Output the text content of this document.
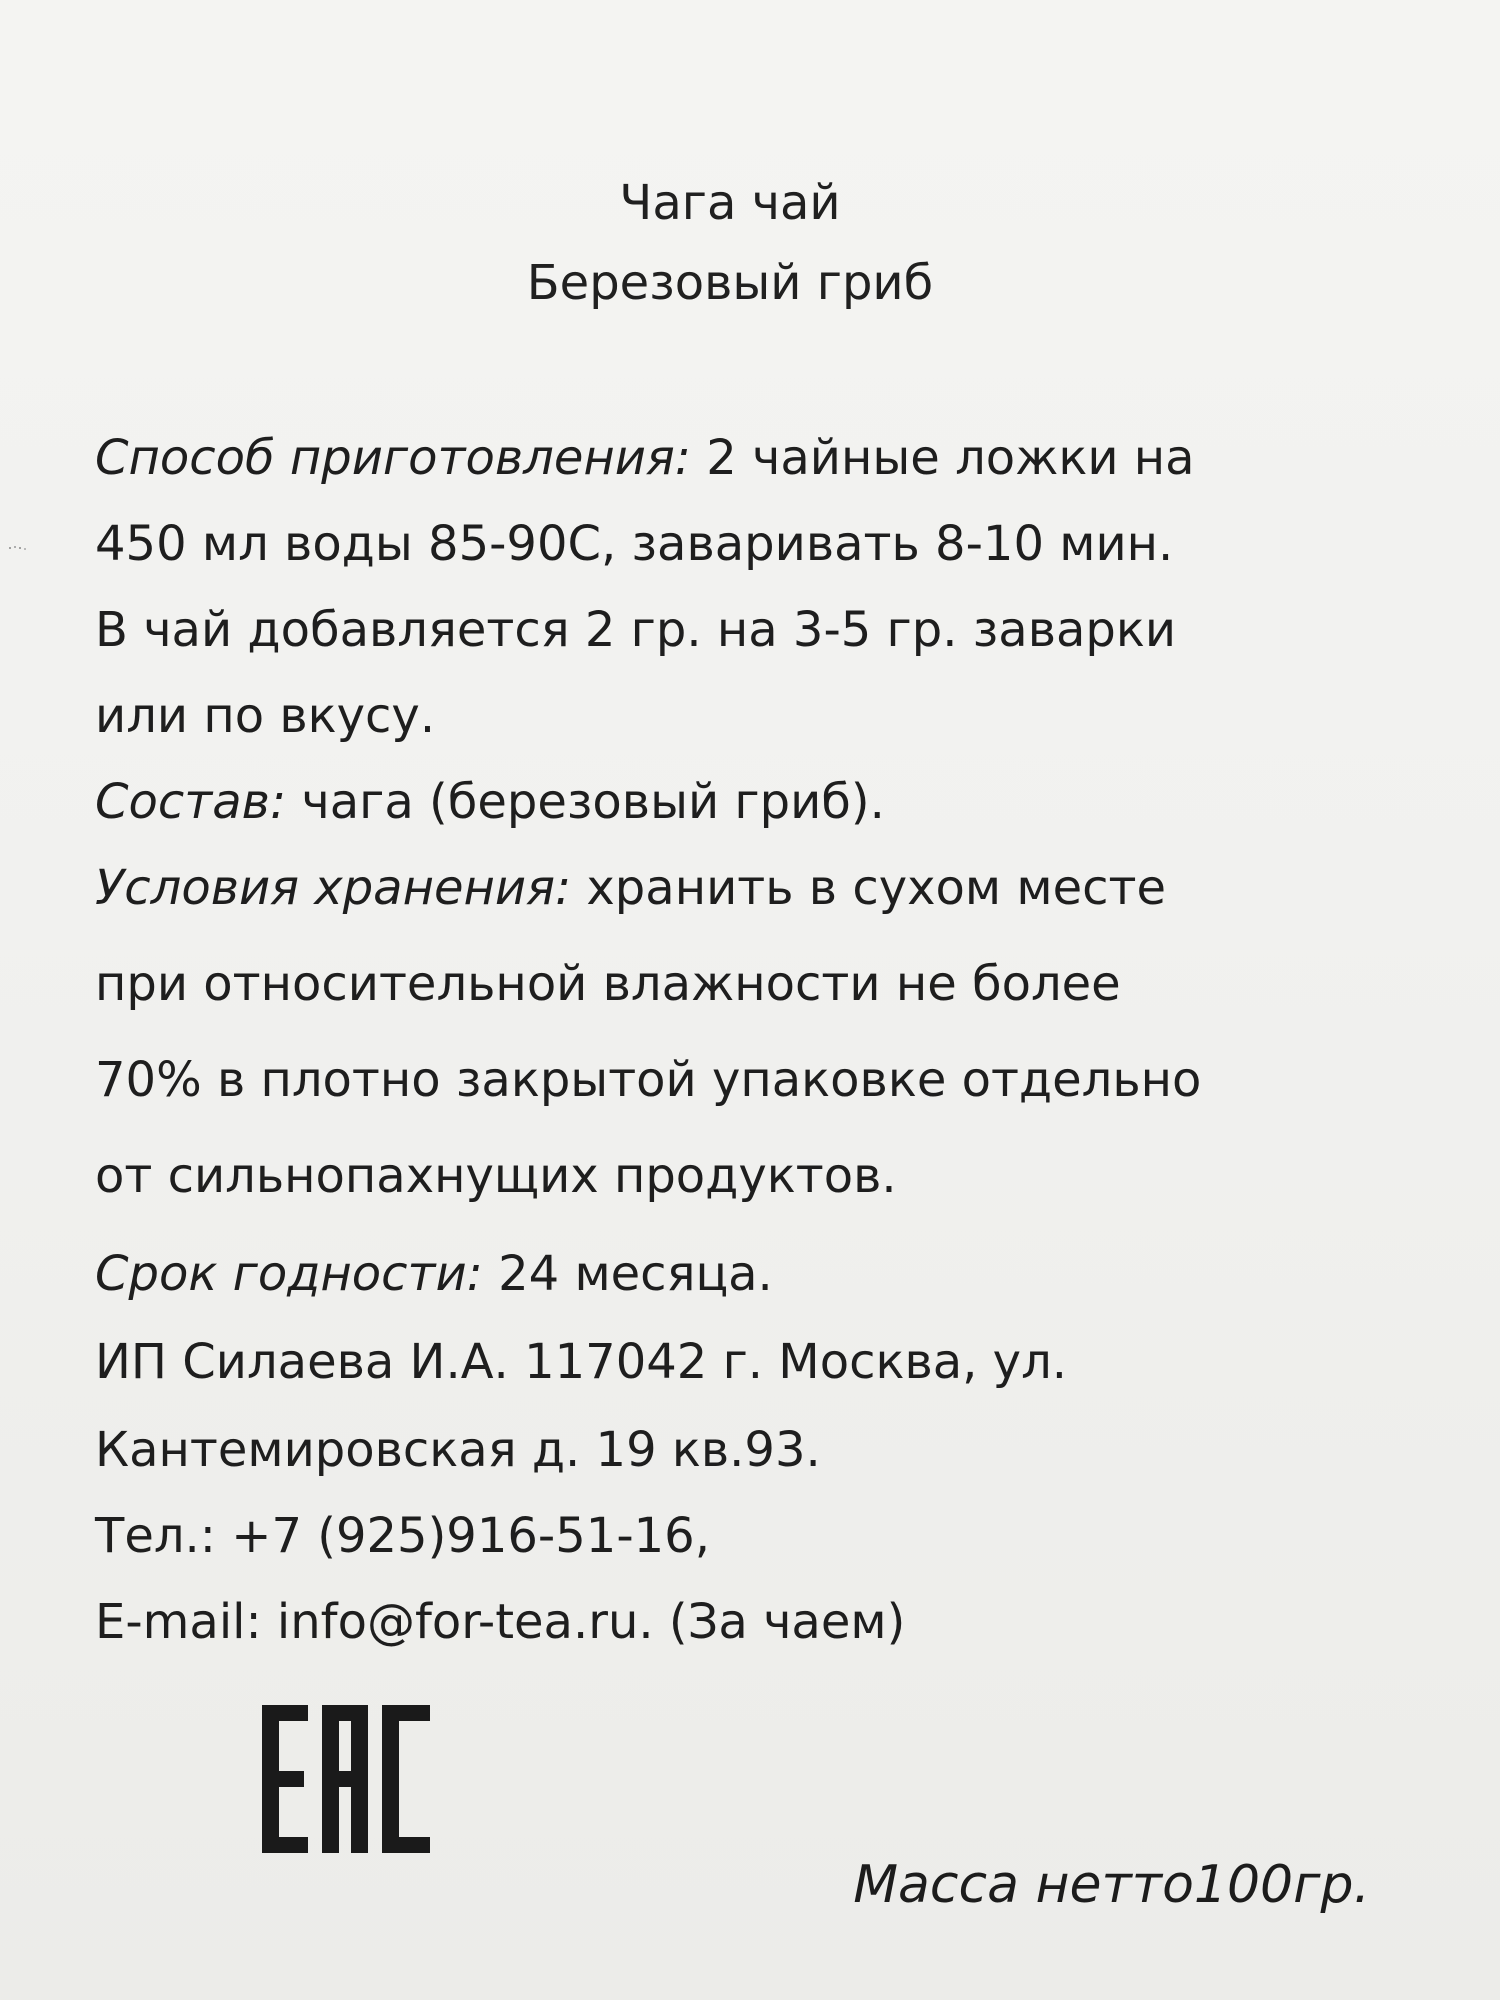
Чага чай
Березовый гриб
Способ приготовления: 2 чайные ложки на
450 мл воды 85-90С, заваривать 8-10 мин.
В чай добавляется 2 гр. на 3-5 гр. заварки
или по вкусу.
Состав: чага (березовый гриб).
Условия хранения: хранить в сухом месте
при относительной влажности не более
70% в плотно закрытой упаковке отдельно
от сильнопахнущих продуктов.
Срок годности: 24 месяца.
ИП Силаева И.А. 117042 г. Москва, ул.
Кантемировская д. 19 кв.93.
Тел.: +7 (925)916-51-16,
E-mail: info@for-tea.ru. (За чаем)
Масса нетто100гр.
